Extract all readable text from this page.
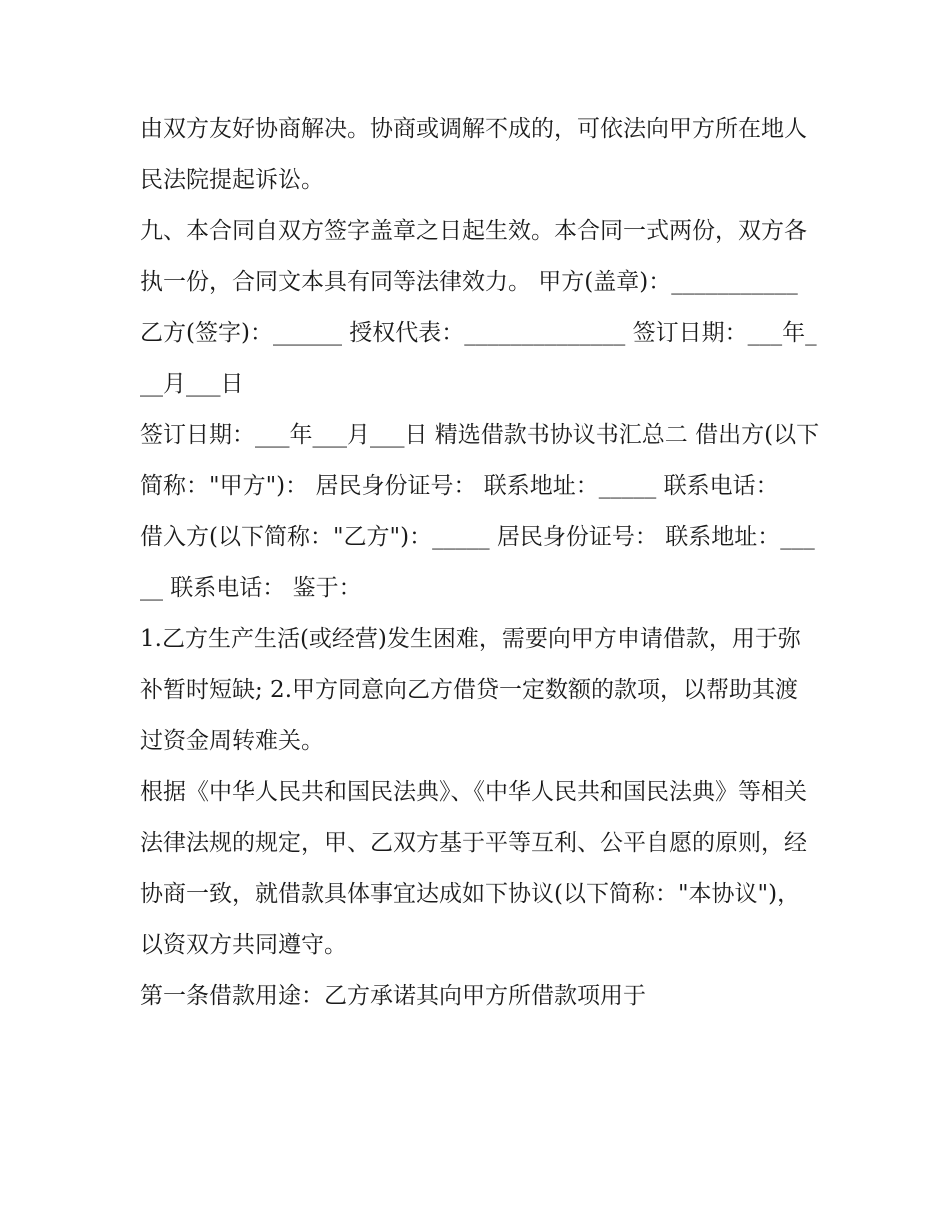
由双方友好协商解决。协商或调解不成的，可依法向甲方所在地人民法院提起诉讼。

九、本合同自双方签字盖章之日起生效。本合同一式两份，双方各执一份，合同文本具有同等法律效力。 甲方(盖章)：___________

乙方(签字)：______ 授权代表：______________ 签订日期：___年___月___日

签订日期：___年___月___日 精选借款书协议书汇总二 借出方(以下简称："甲方")： 居民身份证号： 联系地址：_____ 联系电话：

借入方(以下简称："乙方")：_____ 居民身份证号： 联系地址：_____ 联系电话： 鉴于：

1.乙方生产生活(或经营)发生困难，需要向甲方申请借款，用于弥补暂时短缺; 2.甲方同意向乙方借贷一定数额的款项，以帮助其渡过资金周转难关。

根据《中华人民共和国民法典》、《中华人民共和国民法典》等相关法律法规的规定，甲、乙双方基于平等互利、公平自愿的原则，经协商一致，就借款具体事宜达成如下协议(以下简称："本协议")，以资双方共同遵守。

第一条借款用途：乙方承诺其向甲方所借款项用于
